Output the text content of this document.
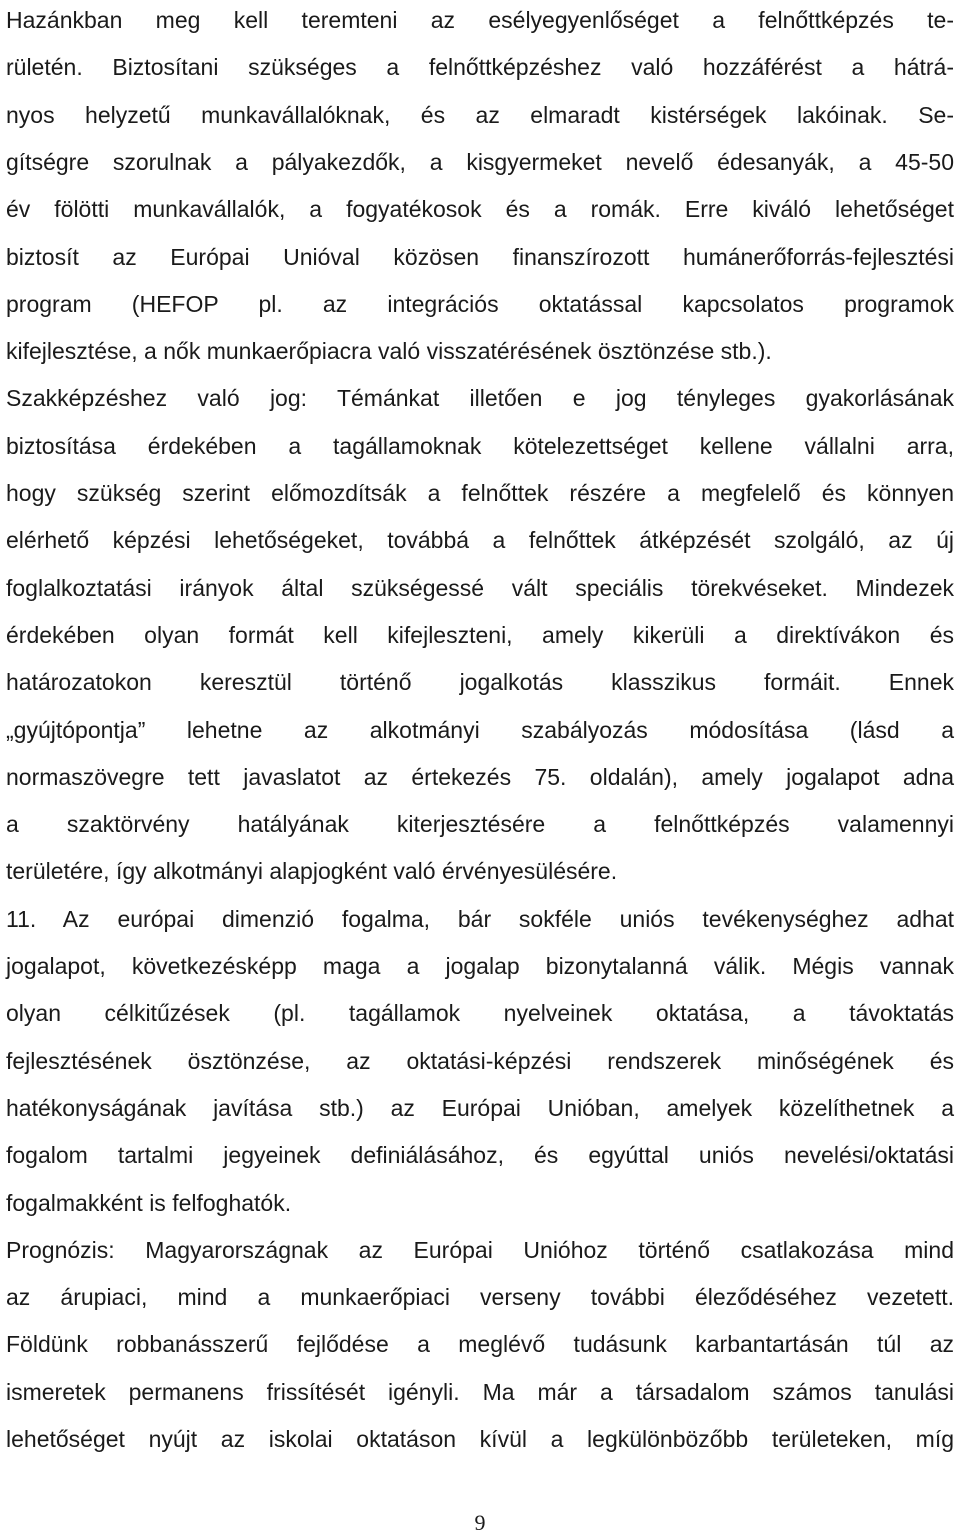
9
Hazánkban meg kell teremteni az esélyegyenlőséget a felnőttképzés te-
rületén. Biztosítani szükséges a felnőttképzéshez való hozzáférést a hátrá-
nyos helyzetű munkavállalóknak, és az elmaradt kistérségek lakóinak. Se-
gítségre szorulnak a pályakezdők, a kisgyermeket nevelő édesanyák, a 45-50
év fölötti munkavállalók, a fogyatékosok és a romák. Erre kiváló lehetőséget
biztosít az Európai Unióval közösen finanszírozott humánerőforrás-fejlesztési
program (HEFOP pl. az integrációs oktatással kapcsolatos programok
kifejlesztése, a nők munkaerőpiacra való visszatérésének ösztönzése stb.).
Szakképzéshez való jog: Témánkat illetően e jog tényleges gyakorlásának
biztosítása érdekében a tagállamoknak kötelezettséget kellene vállalni arra,
hogy szükség szerint előmozdítsák a felnőttek részére a megfelelő és könnyen
elérhető képzési lehetőségeket, továbbá a felnőttek átképzését szolgáló, az új
foglalkoztatási irányok által szükségessé vált speciális törekvéseket. Mindezek
érdekében olyan formát kell kifejleszteni, amely kikerüli a direktívákon és
határozatokon keresztül történő jogalkotás klasszikus formáit. Ennek
„gyújtópontja” lehetne az alkotmányi szabályozás módosítása (lásd a
normaszövegre tett javaslatot az értekezés 75. oldalán), amely jogalapot adna
a szaktörvény hatályának kiterjesztésére a felnőttképzés valamennyi
területére, így alkotmányi alapjogként való érvényesülésére.
11. Az európai dimenzió fogalma, bár sokféle uniós tevékenységhez adhat
jogalapot, következésképp maga a jogalap bizonytalanná válik. Mégis vannak
olyan célkitűzések (pl. tagállamok nyelveinek oktatása, a távoktatás
fejlesztésének ösztönzése, az oktatási-képzési rendszerek minőségének és
hatékonyságának javítása stb.) az Európai Unióban, amelyek közelíthetnek a
fogalom tartalmi jegyeinek definiálásához, és egyúttal uniós nevelési/oktatási
fogalmakként is felfoghatók.
Prognózis: Magyarországnak az Európai Unióhoz történő csatlakozása mind
az árupiaci, mind a munkaerőpiaci verseny további éleződéséhez vezetett.
Földünk robbanásszerű fejlődése a meglévő tudásunk karbantartásán túl az
ismeretek permanens frissítését igényli. Ma már a társadalom számos tanulási
lehetőséget nyújt az iskolai oktatáson kívül a legkülönbözőbb területeken, míg
